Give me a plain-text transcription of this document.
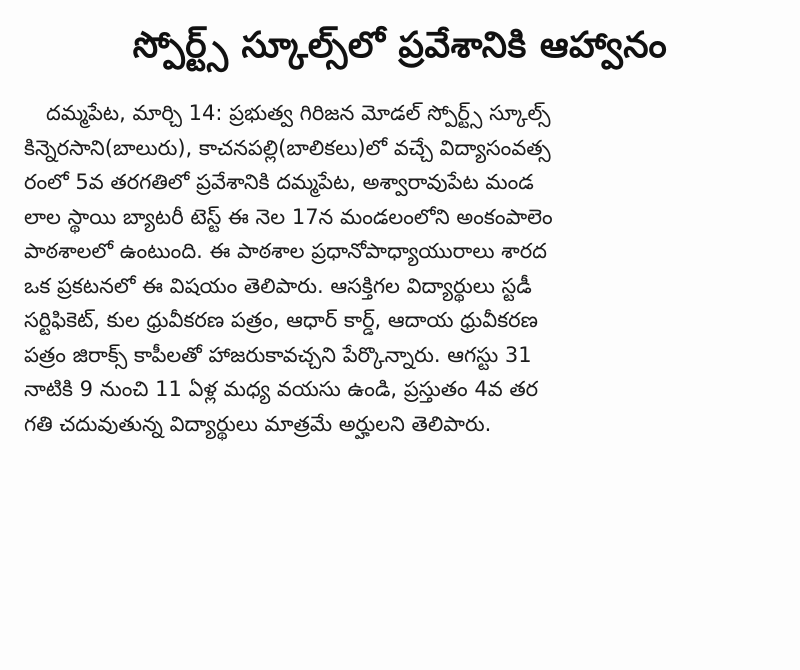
స్పోర్ట్స్ స్కూల్స్‌లో ప్రవేశానికి ఆహ్వానం
దమ్మపేట, మార్చి 14: ప్రభుత్వ గిరిజన మోడల్ స్పోర్ట్స్ స్కూల్స్
కిన్నెరసాని(బాలురు), కాచనపల్లి(బాలికలు)లో వచ్చే విద్యాసంవత్స
రంలో 5వ తరగతిలో ప్రవేశానికి దమ్మపేట, అశ్వారావుపేట మండ
లాల స్థాయి బ్యాటరీ టెస్ట్ ఈ నెల 17న మండలంలోని అంకంపాలెం
పాఠశాలలో ఉంటుంది. ఈ పాఠశాల ప్రధానోపాధ్యాయురాలు శారద
ఒక ప్రకటనలో ఈ విషయం తెలిపారు. ఆసక్తిగల విద్యార్థులు స్టడీ
సర్టిఫికెట్, కుల ధ్రువీకరణ పత్రం, ఆధార్ కార్డ్, ఆదాయ ధ్రువీకరణ
పత్రం జిరాక్స్ కాపీలతో హాజరుకావచ్చని పేర్కొన్నారు. ఆగస్టు 31
నాటికి 9 నుంచి 11 ఏళ్ల మధ్య వయసు ఉండి, ప్రస్తుతం 4వ తర
గతి చదువుతున్న విద్యార్థులు మాత్రమే అర్హులని తెలిపారు.
